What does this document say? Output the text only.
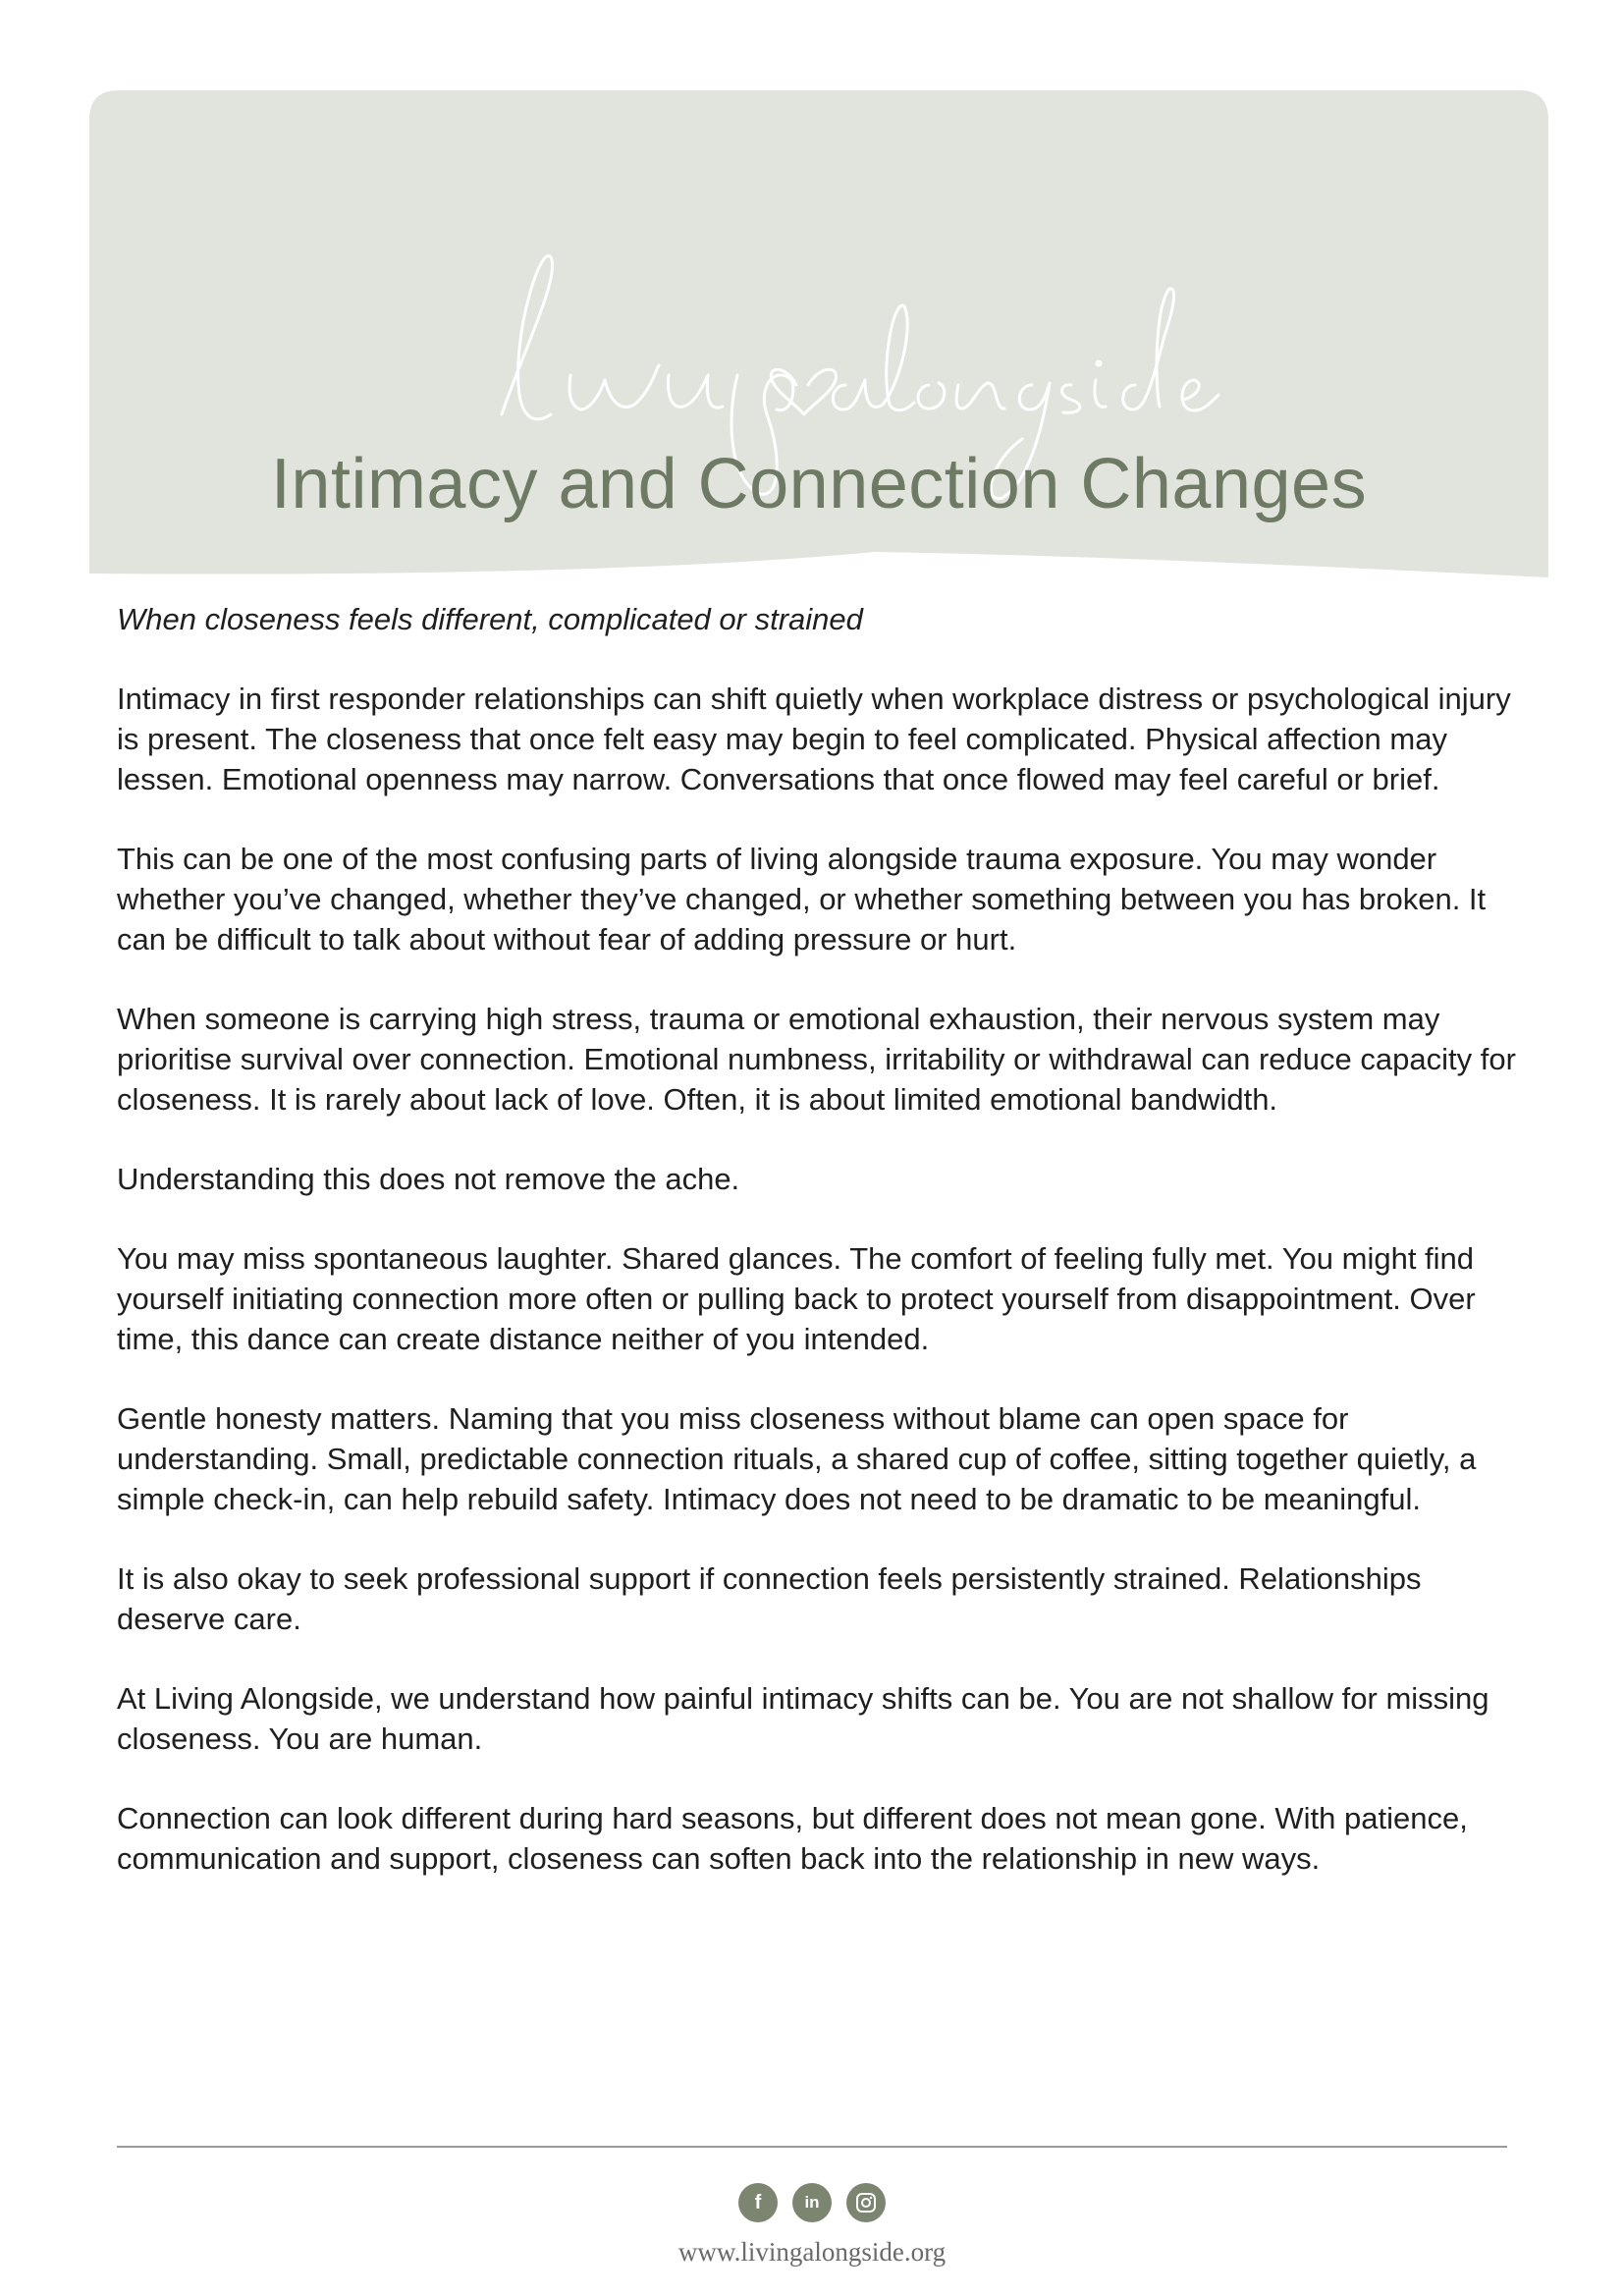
Intimacy and Connection Changes

When closeness feels different, complicated or strained

Intimacy in first responder relationships can shift quietly when workplace distress or psychological injury is present. The closeness that once felt easy may begin to feel complicated. Physical affection may lessen. Emotional openness may narrow. Conversations that once flowed may feel careful or brief.

This can be one of the most confusing parts of living alongside trauma exposure. You may wonder whether you’ve changed, whether they’ve changed, or whether something between you has broken. It can be difficult to talk about without fear of adding pressure or hurt.

When someone is carrying high stress, trauma or emotional exhaustion, their nervous system may prioritise survival over connection. Emotional numbness, irritability or withdrawal can reduce capacity for closeness. It is rarely about lack of love. Often, it is about limited emotional bandwidth.

Understanding this does not remove the ache.

You may miss spontaneous laughter. Shared glances. The comfort of feeling fully met. You might find yourself initiating connection more often or pulling back to protect yourself from disappointment. Over time, this dance can create distance neither of you intended.

Gentle honesty matters. Naming that you miss closeness without blame can open space for understanding. Small, predictable connection rituals, a shared cup of coffee, sitting together quietly, a simple check-in, can help rebuild safety. Intimacy does not need to be dramatic to be meaningful.

It is also okay to seek professional support if connection feels persistently strained. Relationships deserve care.

At Living Alongside, we understand how painful intimacy shifts can be. You are not shallow for missing closeness. You are human.

Connection can look different during hard seasons, but different does not mean gone. With patience, communication and support, closeness can soften back into the relationship in new ways.

f	in
www.livingalongside.org
